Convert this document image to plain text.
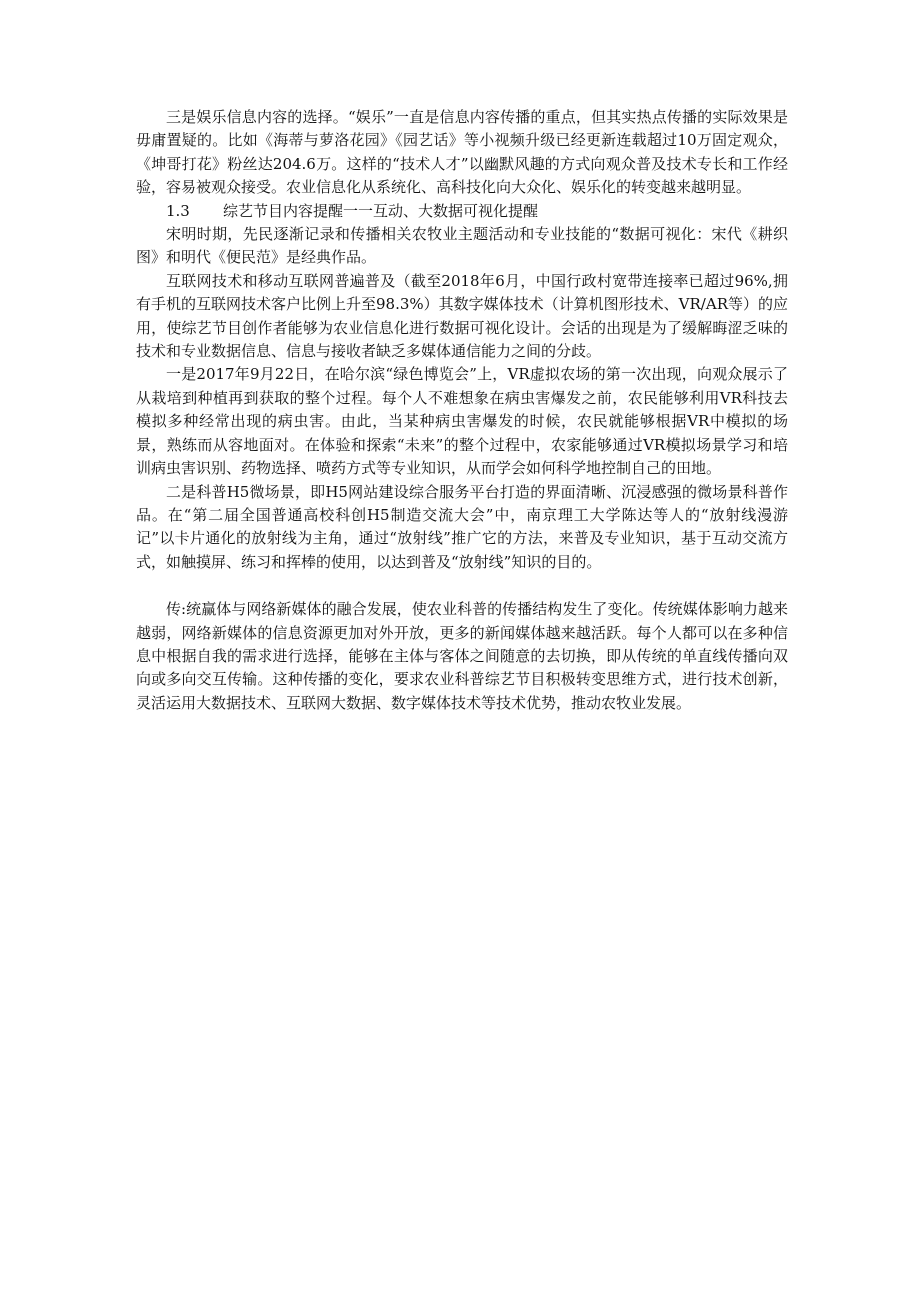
三是娱乐信息内容的选择。“娱乐”一直是信息内容传播的重点，但其实热点传播的实际效果是毋庸置疑的。比如《海蒂与萝洛花园》《园艺话》等小视频升级已经更新连载超过10万固定观众，《坤哥打花》粉丝达204.6万。这样的“技术人才”以幽默风趣的方式向观众普及技术专长和工作经验，容易被观众接受。农业信息化从系统化、高科技化向大众化、娱乐化的转变越来越明显。

1.3 综艺节目内容提醒一一互动、大数据可视化提醒

宋明时期，先民逐渐记录和传播相关农牧业主题活动和专业技能的“数据可视化：宋代《耕织图》和明代《便民范》是经典作品。

互联网技术和移动互联网普遍普及（截至2018年6月，中国行政村宽带连接率已超过96%,拥有手机的互联网技术客户比例上升至98.3%）其数字媒体技术（计算机图形技术、VR/AR等）的应用，使综艺节目创作者能够为农业信息化进行数据可视化设计。会话的出现是为了缓解晦涩乏味的技术和专业数据信息、信息与接收者缺乏多媒体通信能力之间的分歧。

一是2017年9月22日，在哈尔滨“绿色博览会”上，VR虚拟农场的第一次出现，向观众展示了从栽培到种植再到获取的整个过程。每个人不难想象在病虫害爆发之前，农民能够利用VR科技去模拟多种经常出现的病虫害。由此，当某种病虫害爆发的时候，农民就能够根据VR中模拟的场景，熟练而从容地面对。在体验和探索“未来”的整个过程中，农家能够通过VR模拟场景学习和培训病虫害识别、药物选择、喷药方式等专业知识，从而学会如何科学地控制自己的田地。

二是科普H5微场景，即H5网站建设综合服务平台打造的界面清晰、沉浸感强的微场景科普作品。在“第二届全国普通高校科创H5制造交流大会”中，南京理工大学陈达等人的“放射线漫游记”以卡片通化的放射线为主角，通过“放射线”推广它的方法，来普及专业知识，基于互动交流方式，如触摸屏、练习和挥棒的使用，以达到普及“放射线”知识的目的。

传:统赢体与网络新媒体的融合发展，使农业科普的传播结构发生了变化。传统媒体影响力越来越弱，网络新媒体的信息资源更加对外开放，更多的新闻媒体越来越活跃。每个人都可以在多种信息中根据自我的需求进行选择，能够在主体与客体之间随意的去切换，即从传统的单直线传播向双向或多向交互传输。这种传播的变化，要求农业科普综艺节目积极转变思维方式，进行技术创新，灵活运用大数据技术、互联网大数据、数字媒体技术等技术优势，推动农牧业发展。
